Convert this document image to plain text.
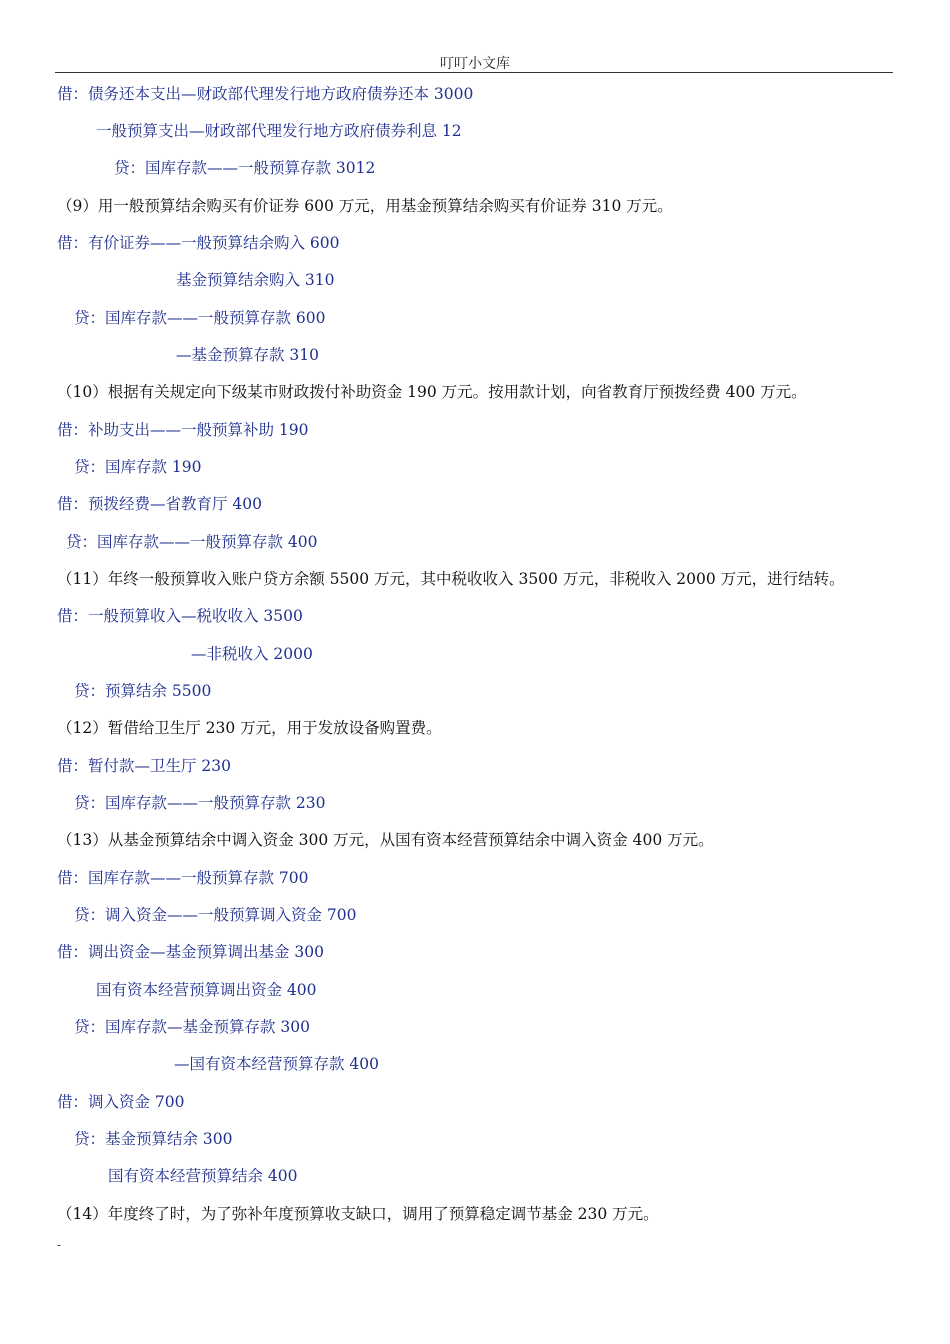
叮叮小文库
借：债务还本支出—财政部代理发行地方政府债券还本 3000
一般预算支出—财政部代理发行地方政府债券利息 12
贷：国库存款——一般预算存款 3012
（9）用一般预算结余购买有价证券 600 万元，用基金预算结余购买有价证券 310 万元。
借：有价证券——一般预算结余购入 600
基金预算结余购入 310
贷：国库存款——一般预算存款 600
—基金预算存款 310
（10）根据有关规定向下级某市财政拨付补助资金 190 万元。按用款计划，向省教育厅预拨经费 400 万元。
借：补助支出——一般预算补助 190
贷：国库存款 190
借：预拨经费—省教育厅 400
贷：国库存款——一般预算存款 400
（11）年终一般预算收入账户贷方余额 5500 万元，其中税收收入 3500 万元，非税收入 2000 万元，进行结转。
借：一般预算收入—税收收入 3500
—非税收入 2000
贷：预算结余 5500
（12）暂借给卫生厅 230 万元，用于发放设备购置费。
借：暂付款—卫生厅 230
贷：国库存款——一般预算存款 230
（13）从基金预算结余中调入资金 300 万元，从国有资本经营预算结余中调入资金 400 万元。
借：国库存款——一般预算存款 700
贷：调入资金——一般预算调入资金 700
借：调出资金—基金预算调出基金 300
国有资本经营预算调出资金 400
贷：国库存款—基金预算存款 300
—国有资本经营预算存款 400
借：调入资金 700
贷：基金预算结余 300
国有资本经营预算结余 400
（14）年度终了时，为了弥补年度预算收支缺口，调用了预算稳定调节基金 230 万元。
-
